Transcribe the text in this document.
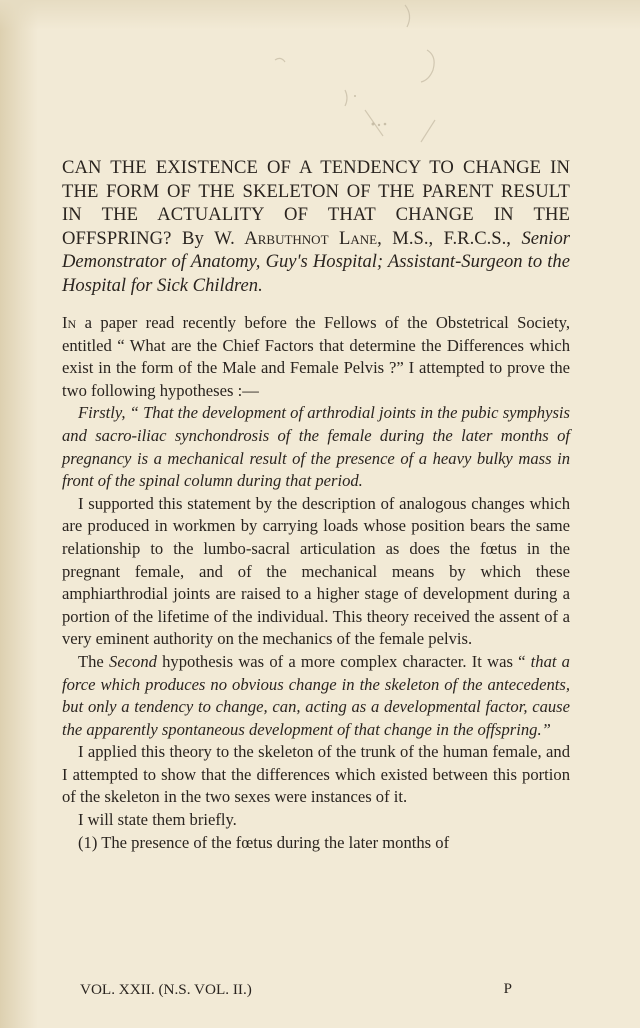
CAN THE EXISTENCE OF A TENDENCY TO CHANGE IN THE FORM OF THE SKELETON OF THE PARENT RESULT IN THE ACTUALITY OF THAT CHANGE IN THE OFFSPRING? By W. Arbuthnot Lane, M.S., F.R.C.S., Senior Demonstrator of Anatomy, Guy's Hospital; Assistant-Surgeon to the Hospital for Sick Children.

In a paper read recently before the Fellows of the Obstetrical Society, entitled “ What are the Chief Factors that determine the Differences which exist in the form of the Male and Female Pelvis ?” I attempted to prove the two following hypotheses :—

Firstly, “ That the development of arthrodial joints in the pubic symphysis and sacro-iliac synchondrosis of the female during the later months of pregnancy is a mechanical result of the presence of a heavy bulky mass in front of the spinal column during that period.

I supported this statement by the description of analogous changes which are produced in workmen by carrying loads whose position bears the same relationship to the lumbo-sacral articulation as does the fœtus in the pregnant female, and of the mechanical means by which these amphiarthrodial joints are raised to a higher stage of development during a portion of the lifetime of the individual. This theory received the assent of a very eminent authority on the mechanics of the female pelvis.

The Second hypothesis was of a more complex character. It was “ that a force which produces no obvious change in the skeleton of the antecedents, but only a tendency to change, can, acting as a developmental factor, cause the apparently spontaneous development of that change in the offspring.”

I applied this theory to the skeleton of the trunk of the human female, and I attempted to show that the differences which existed between this portion of the skeleton in the two sexes were instances of it.

I will state them briefly.

(1) The presence of the fœtus during the later months of

VOL. XXII. (N.S. VOL. II.)	P
